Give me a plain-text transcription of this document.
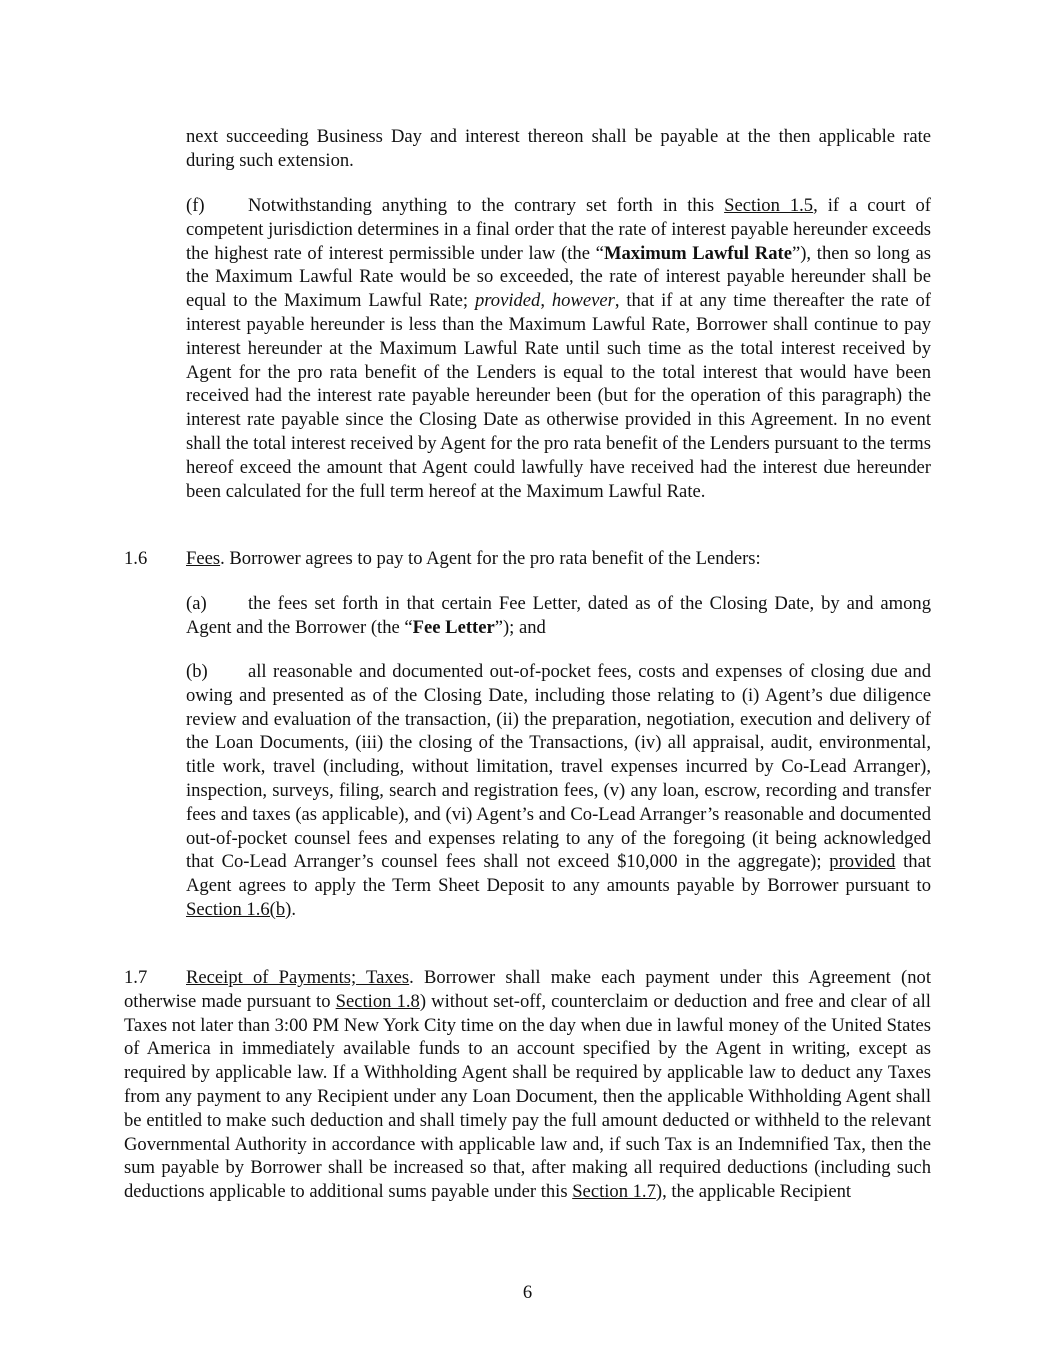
next succeeding Business Day and interest thereon shall be payable at the then applicable rate during such extension.

(f) Notwithstanding anything to the contrary set forth in this Section 1.5, if a court of competent jurisdiction determines in a final order that the rate of interest payable hereunder exceeds the highest rate of interest permissible under law (the “Maximum Lawful Rate”), then so long as the Maximum Lawful Rate would be so exceeded, the rate of interest payable hereunder shall be equal to the Maximum Lawful Rate; provided, however, that if at any time thereafter the rate of interest payable hereunder is less than the Maximum Lawful Rate, Borrower shall continue to pay interest hereunder at the Maximum Lawful Rate until such time as the total interest received by Agent for the pro rata benefit of the Lenders is equal to the total interest that would have been received had the interest rate payable hereunder been (but for the operation of this paragraph) the interest rate payable since the Closing Date as otherwise provided in this Agreement. In no event shall the total interest received by Agent for the pro rata benefit of the Lenders pursuant to the terms hereof exceed the amount that Agent could lawfully have received had the interest due hereunder been calculated for the full term hereof at the Maximum Lawful Rate.

1.6 Fees. Borrower agrees to pay to Agent for the pro rata benefit of the Lenders:

(a) the fees set forth in that certain Fee Letter, dated as of the Closing Date, by and among Agent and the Borrower (the “Fee Letter”); and

(b) all reasonable and documented out-of-pocket fees, costs and expenses of closing due and owing and presented as of the Closing Date, including those relating to (i) Agent’s due diligence review and evaluation of the transaction, (ii) the preparation, negotiation, execution and delivery of the Loan Documents, (iii) the closing of the Transactions, (iv) all appraisal, audit, environmental, title work, travel (including, without limitation, travel expenses incurred by Co-Lead Arranger), inspection, surveys, filing, search and registration fees, (v) any loan, escrow, recording and transfer fees and taxes (as applicable), and (vi) Agent’s and Co-Lead Arranger’s reasonable and documented out-of-pocket counsel fees and expenses relating to any of the foregoing (it being acknowledged that Co-Lead Arranger’s counsel fees shall not exceed $10,000 in the aggregate); provided that Agent agrees to apply the Term Sheet Deposit to any amounts payable by Borrower pursuant to Section 1.6(b).

1.7 Receipt of Payments; Taxes. Borrower shall make each payment under this Agreement (not otherwise made pursuant to Section 1.8) without set-off, counterclaim or deduction and free and clear of all Taxes not later than 3:00 PM New York City time on the day when due in lawful money of the United States of America in immediately available funds to an account specified by the Agent in writing, except as required by applicable law. If a Withholding Agent shall be required by applicable law to deduct any Taxes from any payment to any Recipient under any Loan Document, then the applicable Withholding Agent shall be entitled to make such deduction and shall timely pay the full amount deducted or withheld to the relevant Governmental Authority in accordance with applicable law and, if such Tax is an Indemnified Tax, then the sum payable by Borrower shall be increased so that, after making all required deductions (including such deductions applicable to additional sums payable under this Section 1.7), the applicable Recipient

6
